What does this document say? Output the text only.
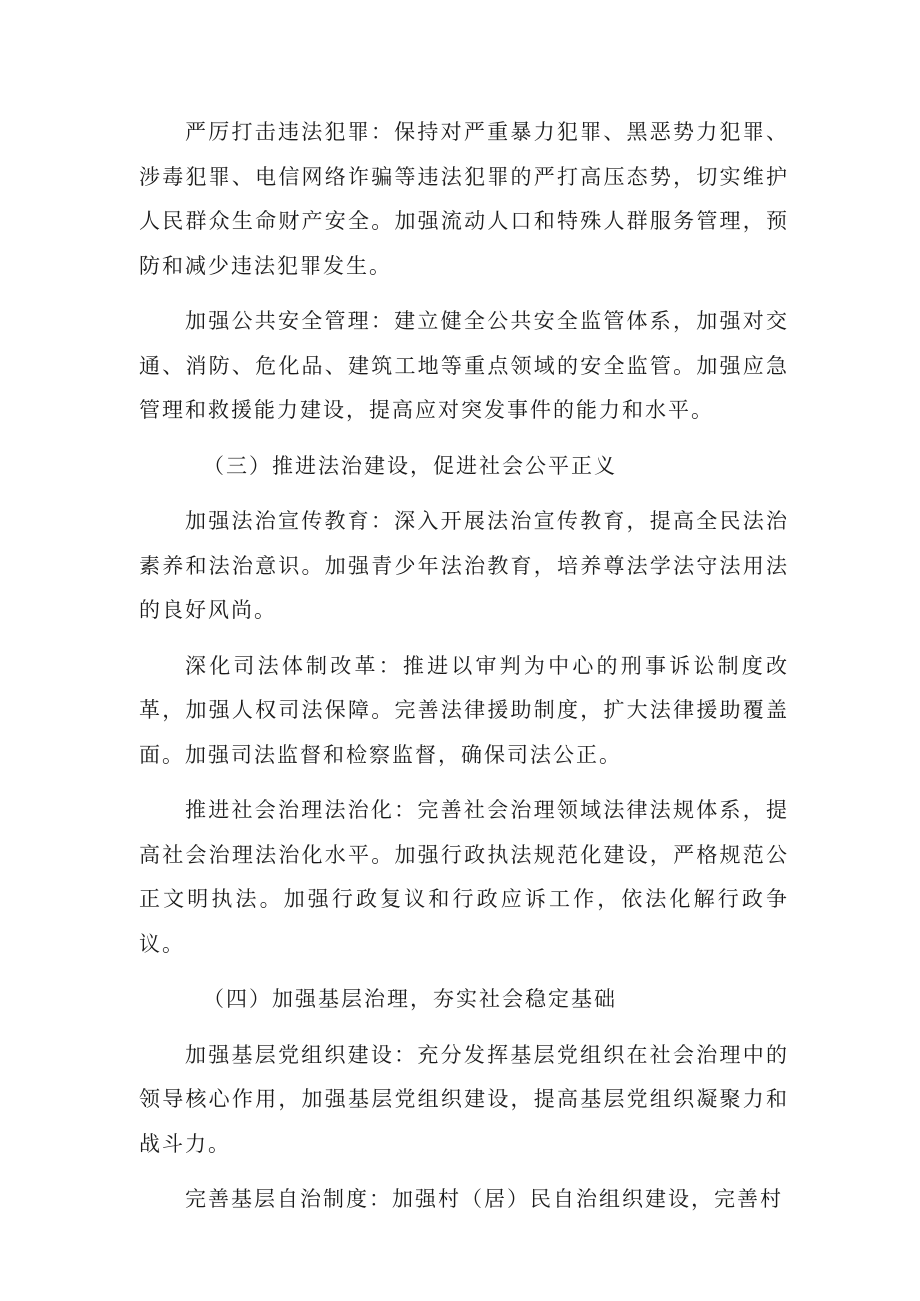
严厉打击违法犯罪：保持对严重暴力犯罪、黑恶势力犯罪、涉毒犯罪、电信网络诈骗等违法犯罪的严打高压态势，切实维护人民群众生命财产安全。加强流动人口和特殊人群服务管理，预防和减少违法犯罪发生。

加强公共安全管理：建立健全公共安全监管体系，加强对交通、消防、危化品、建筑工地等重点领域的安全监管。加强应急管理和救援能力建设，提高应对突发事件的能力和水平。

（三）推进法治建设，促进社会公平正义

加强法治宣传教育：深入开展法治宣传教育，提高全民法治素养和法治意识。加强青少年法治教育，培养尊法学法守法用法的良好风尚。

深化司法体制改革：推进以审判为中心的刑事诉讼制度改革，加强人权司法保障。完善法律援助制度，扩大法律援助覆盖面。加强司法监督和检察监督，确保司法公正。

推进社会治理法治化：完善社会治理领域法律法规体系，提高社会治理法治化水平。加强行政执法规范化建设，严格规范公正文明执法。加强行政复议和行政应诉工作，依法化解行政争议。

（四）加强基层治理，夯实社会稳定基础

加强基层党组织建设：充分发挥基层党组织在社会治理中的领导核心作用，加强基层党组织建设，提高基层党组织凝聚力和战斗力。

完善基层自治制度：加强村（居）民自治组织建设，完善村
